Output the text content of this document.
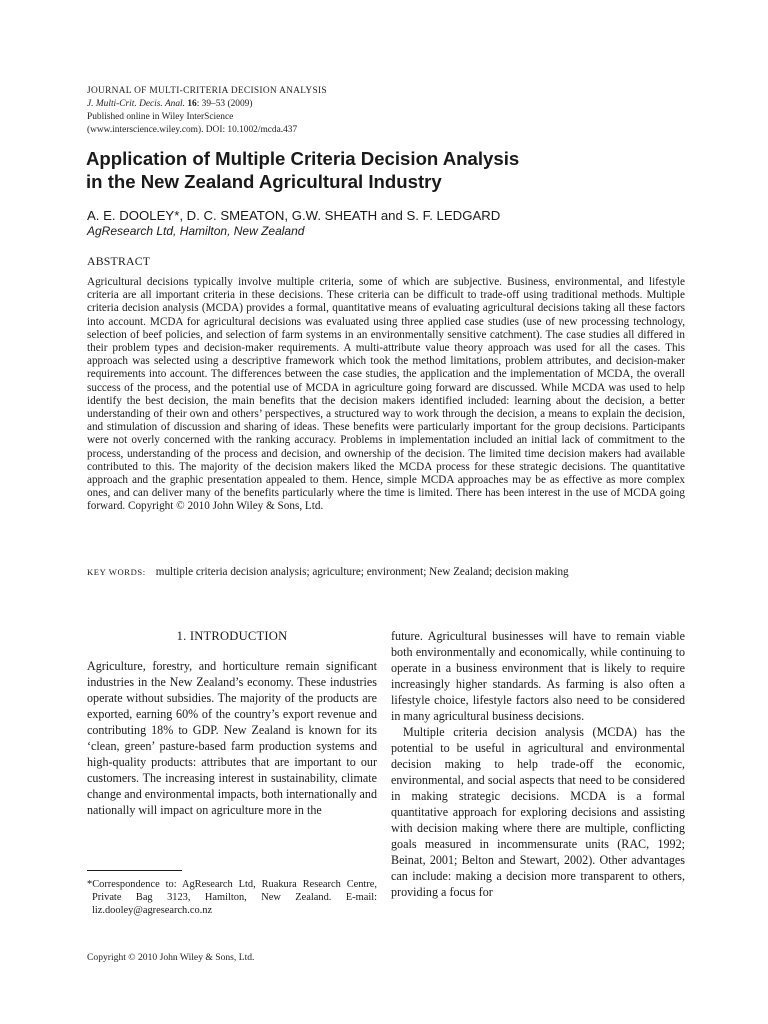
JOURNAL OF MULTI-CRITERIA DECISION ANALYSIS
J. Multi-Crit. Decis. Anal. 16: 39–53 (2009)
Published online in Wiley InterScience
(www.interscience.wiley.com). DOI: 10.1002/mcda.437
Application of Multiple Criteria Decision Analysis
in the New Zealand Agricultural Industry
A. E. DOOLEY*, D. C. SMEATON, G.W. SHEATH and S. F. LEDGARD
AgResearch Ltd, Hamilton, New Zealand
ABSTRACT

Agricultural decisions typically involve multiple criteria, some of which are subjective. Business, environmental, and lifestyle criteria are all important criteria in these decisions. These criteria can be difficult to trade-off using traditional methods. Multiple criteria decision analysis (MCDA) provides a formal, quantitative means of evaluating agricultural decisions taking all these factors into account. MCDA for agricultural decisions was evaluated using three applied case studies (use of new processing technology, selection of beef policies, and selection of farm systems in an environmentally sensitive catchment). The case studies all differed in their problem types and decision-maker requirements. A multi-attribute value theory approach was used for all the cases. This approach was selected using a descriptive framework which took the method limitations, problem attributes, and decision-maker requirements into account. The differences between the case studies, the application and the implementation of MCDA, the overall success of the process, and the potential use of MCDA in agriculture going forward are discussed. While MCDA was used to help identify the best decision, the main benefits that the decision makers identified included: learning about the decision, a better understanding of their own and others’ perspectives, a structured way to work through the decision, a means to explain the decision, and stimulation of discussion and sharing of ideas. These benefits were particularly important for the group decisions. Participants were not overly concerned with the ranking accuracy. Problems in implementation included an initial lack of commitment to the process, understanding of the process and decision, and ownership of the decision. The limited time decision makers had available contributed to this. The majority of the decision makers liked the MCDA process for these strategic decisions. The quantitative approach and the graphic presentation appealed to them. Hence, simple MCDA approaches may be as effective as more complex ones, and can deliver many of the benefits particularly where the time is limited. There has been interest in the use of MCDA going forward. Copyright © 2010 John Wiley & Sons, Ltd.

KEY WORDS: multiple criteria decision analysis; agriculture; environment; New Zealand; decision making

1. INTRODUCTION

Agriculture, forestry, and horticulture remain significant industries in the New Zealand’s economy. These industries operate without subsidies. The majority of the products are exported, earning 60% of the country’s export revenue and contributing 18% to GDP. New Zealand is known for its ‘clean, green’ pasture-based farm production systems and high-quality products: attributes that are important to our customers. The increasing interest in sustainability, climate change and environmental impacts, both internationally and nationally will impact on agriculture more in the

future. Agricultural businesses will have to remain viable both environmentally and economically, while continuing to operate in a business environment that is likely to require increasingly higher standards. As farming is also often a lifestyle choice, lifestyle factors also need to be considered in many agricultural business decisions.

Multiple criteria decision analysis (MCDA) has the potential to be useful in agricultural and environmental decision making to help trade-off the economic, environmental, and social aspects that need to be considered in making strategic decisions. MCDA is a formal quantitative approach for exploring decisions and assisting with decision making where there are multiple, conflicting goals measured in incommensurate units (RAC, 1992; Beinat, 2001; Belton and Stewart, 2002). Other advantages can include: making a decision more transparent to others, providing a focus for

*Correspondence to: AgResearch Ltd, Ruakura Research Centre, Private Bag 3123, Hamilton, New Zealand. E-mail: liz.dooley@agresearch.co.nz

Copyright © 2010 John Wiley & Sons, Ltd.
